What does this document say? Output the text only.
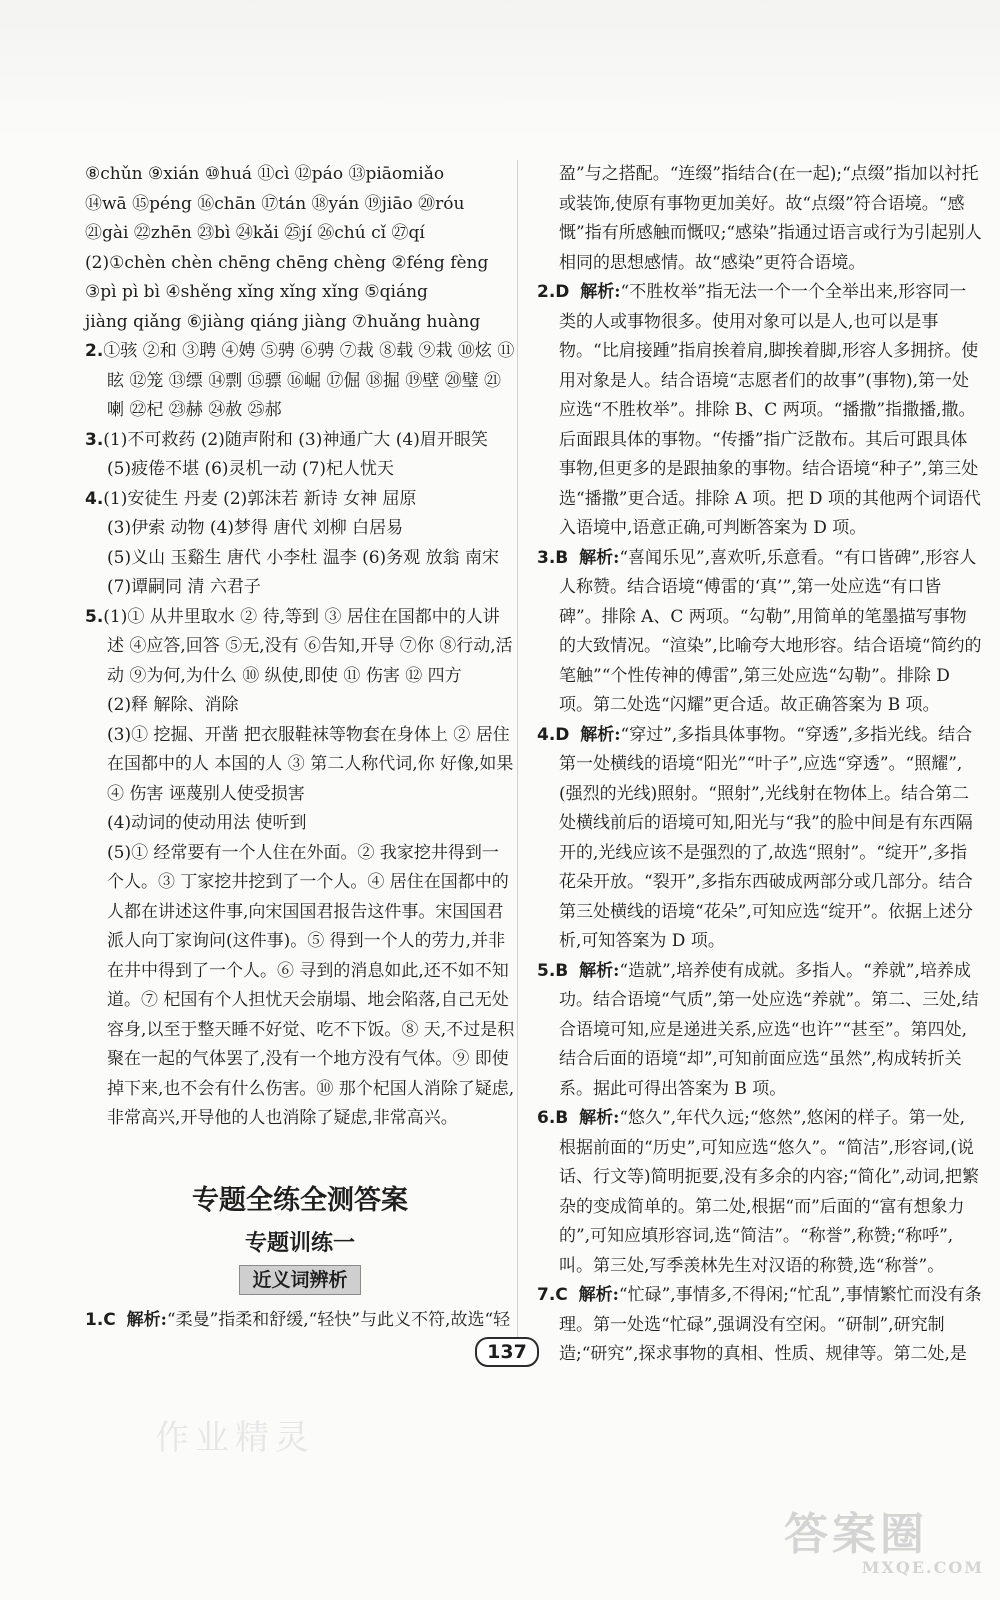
⑧chǔn ⑨xián ⑩huá ⑪cì ⑫páo ⑬piāomiǎo

⑭wā ⑮péng ⑯chān ⑰tán ⑱yán ⑲jiāo ⑳róu

㉑gài ㉒zhēn ㉓bì ㉔kǎi ㉕jí ㉖chú cǐ ㉗qí

(2)①chèn chèn chēng chēng chèng ②féng fèng

③pì pì bì ④shěng xǐng xǐng xǐng ⑤qiáng

jiàng qiǎng ⑥jiàng qiáng jiàng ⑦huǎng huàng

2.①骇 ②和 ③聘 ④娉 ⑤骋 ⑥骋 ⑦裁 ⑧载 ⑨栽 ⑩炫 ⑪眩 ⑫笼 ⑬缥 ⑭剽 ⑮骠 ⑯崛 ⑰倔 ⑱掘 ⑲壁 ⑳璧 ㉑喇 ㉒杞 ㉓赫 ㉔赦 ㉕郝

3.(1)不可救药 (2)随声附和 (3)神通广大 (4)眉开眼笑 (5)疲倦不堪 (6)灵机一动 (7)杞人忧天

4.(1)安徒生 丹麦 (2)郭沫若 新诗 女神 屈原

(3)伊索 动物 (4)梦得 唐代 刘柳 白居易

(5)义山 玉谿生 唐代 小李杜 温李 (6)务观 放翁 南宋 (7)谭嗣同 清 六君子

5.(1)① 从井里取水 ② 待,等到 ③ 居住在国都中的人讲述 ④应答,回答 ⑤无,没有 ⑥告知,开导 ⑦你 ⑧行动,活动 ⑨为何,为什么 ⑩ 纵使,即使 ⑪ 伤害 ⑫ 四方

(2)释 解除、消除

(3)① 挖掘、开凿 把衣服鞋袜等物套在身体上 ② 居住在国都中的人 本国的人 ③ 第二人称代词,你 好像,如果 ④ 伤害 诬蔑别人使受损害

(4)动词的使动用法 使听到

(5)① 经常要有一个人住在外面。② 我家挖井得到一个人。③ 丁家挖井挖到了一个人。④ 居住在国都中的人都在讲述这件事,向宋国国君报告这件事。宋国国君派人向丁家询问(这件事)。⑤ 得到一个人的劳力,并非在井中得到了一个人。⑥ 寻到的消息如此,还不如不知道。⑦ 杞国有个人担忧天会崩塌、地会陷落,自己无处容身,以至于整天睡不好觉、吃不下饭。⑧ 天,不过是积聚在一起的气体罢了,没有一个地方没有气体。⑨ 即使掉下来,也不会有什么伤害。⑩ 那个杞国人消除了疑虑,非常高兴,开导他的人也消除了疑虑,非常高兴。

专题全练全测答案
专题训练一
近义词辨析

1.C 解析:“柔曼”指柔和舒缓,“轻快”与此义不符,故选“轻

盈”与之搭配。“连缀”指结合(在一起);“点缀”指加以衬托或装饰,使原有事物更加美好。故“点缀”符合语境。“感慨”指有所感触而慨叹;“感染”指通过语言或行为引起别人相同的思想感情。故“感染”更符合语境。

2.D 解析:“不胜枚举”指无法一个一个全举出来,形容同一类的人或事物很多。使用对象可以是人,也可以是事物。“比肩接踵”指肩挨着肩,脚挨着脚,形容人多拥挤。使用对象是人。结合语境“志愿者们的故事”(事物),第一处应选“不胜枚举”。排除 B、C 两项。“播撒”指撒播,撒。后面跟具体的事物。“传播”指广泛散布。其后可跟具体事物,但更多的是跟抽象的事物。结合语境“种子”,第三处选“播撒”更合适。排除 A 项。把 D 项的其他两个词语代入语境中,语意正确,可判断答案为 D 项。

3.B 解析:“喜闻乐见”,喜欢听,乐意看。“有口皆碑”,形容人人称赞。结合语境“傅雷的‘真’”,第一处应选“有口皆碑”。排除 A、C 两项。“勾勒”,用简单的笔墨描写事物的大致情况。“渲染”,比喻夸大地形容。结合语境“简约的笔触”“个性传神的傅雷”,第三处应选“勾勒”。排除 D 项。第二处选“闪耀”更合适。故正确答案为 B 项。

4.D 解析:“穿过”,多指具体事物。“穿透”,多指光线。结合第一处横线的语境“阳光”“叶子”,应选“穿透”。“照耀”,(强烈的光线)照射。“照射”,光线射在物体上。结合第二处横线前后的语境可知,阳光与“我”的脸中间是有东西隔开的,光线应该不是强烈的了,故选“照射”。“绽开”,多指花朵开放。“裂开”,多指东西破成两部分或几部分。结合第三处横线的语境“花朵”,可知应选“绽开”。依据上述分析,可知答案为 D 项。

5.B 解析:“造就”,培养使有成就。多指人。“养就”,培养成功。结合语境“气质”,第一处应选“养就”。第二、三处,结合语境可知,应是递进关系,应选“也许”“甚至”。第四处,结合后面的语境“却”,可知前面应选“虽然”,构成转折关系。据此可得出答案为 B 项。

6.B 解析:“悠久”,年代久远;“悠然”,悠闲的样子。第一处,根据前面的“历史”,可知应选“悠久”。“简洁”,形容词,(说话、行文等)简明扼要,没有多余的内容;“简化”,动词,把繁杂的变成简单的。第二处,根据“而”后面的“富有想象力的”,可知应填形容词,选“简洁”。“称誉”,称赞;“称呼”,叫。第三处,写季羡林先生对汉语的称赞,选“称誉”。

7.C 解析:“忙碌”,事情多,不得闲;“忙乱”,事情繁忙而没有条理。第一处选“忙碌”,强调没有空闲。“研制”,研究制造;“研究”,探求事物的真相、性质、规律等。第二处,是

137
作业精灵
答案圈
MXQE.COM
